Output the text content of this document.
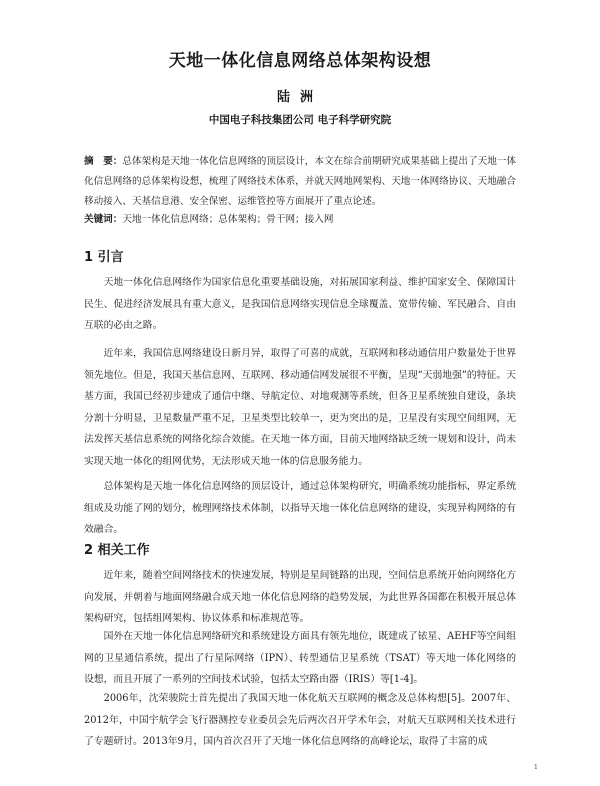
天地一体化信息网络总体架构设想
陆洲
中国电子科技集团公司 电子科学研究院
摘　要：总体架构是天地一体化信息网络的顶层设计，本文在综合前期研究成果基础上提出了天地一体化信息网络的总体架构设想，梳理了网络技术体系，并就天网地网架构、天地一体网络协议、天地融合移动接入、天基信息港、安全保密、运维管控等方面展开了重点论述。
关键词：天地一体化信息网络；总体架构；骨干网；接入网
1 引言
天地一体化信息网络作为国家信息化重要基础设施，对拓展国家利益、维护国家安全、保障国计民生、促进经济发展具有重大意义，是我国信息网络实现信息全球覆盖、宽带传输、军民融合、自由互联的必由之路。
近年来，我国信息网络建设日新月异，取得了可喜的成就，互联网和移动通信用户数量处于世界领先地位。但是，我国天基信息网、互联网、移动通信网发展很不平衡，呈现“天弱地强”的特征。天基方面，我国已经初步建成了通信中继、导航定位、对地观测等系统，但各卫星系统独自建设，条块分割十分明显，卫星数量严重不足，卫星类型比较单一，更为突出的是，卫星没有实现空间组网，无法发挥天基信息系统的网络化综合效能。在天地一体方面，目前天地网络缺乏统一规划和设计，尚未实现天地一体化的组网优势，无法形成天地一体的信息服务能力。
总体架构是天地一体化信息网络的顶层设计，通过总体架构研究，明确系统功能指标，界定系统组成及功能了网的划分，梳理网络技术体制，以指导天地一体化信息网络的建设，实现异构网络的有效融合。
2 相关工作
近年来，随着空间网络技术的快速发展，特别是星间链路的出现，空间信息系统开始向网络化方向发展，并朝着与地面网络融合成天地一体化信息网络的趋势发展，为此世界各国都在积极开展总体架构研究，包括组网架构、协议体系和标准规范等。
国外在天地一体化信息网络研究和系统建设方面具有领先地位，既建成了铱星、AEHF等空间组网的卫星通信系统，提出了行星际网络（IPN）、转型通信卫星系统（TSAT）等天地一体化网络的设想，而且开展了一系列的空间技术试验，包括太空路由器（IRIS）等[1-4]。
2006年，沈荣骏院士首先提出了我国天地一体化航天互联网的概念及总体构想[5]。2007年、2012年，中国宇航学会飞行器测控专业委员会先后两次召开学术年会，对航天互联网相关技术进行了专题研讨。2013年9月，国内首次召开了天地一体化信息网络的高峰论坛，取得了丰富的成
1
